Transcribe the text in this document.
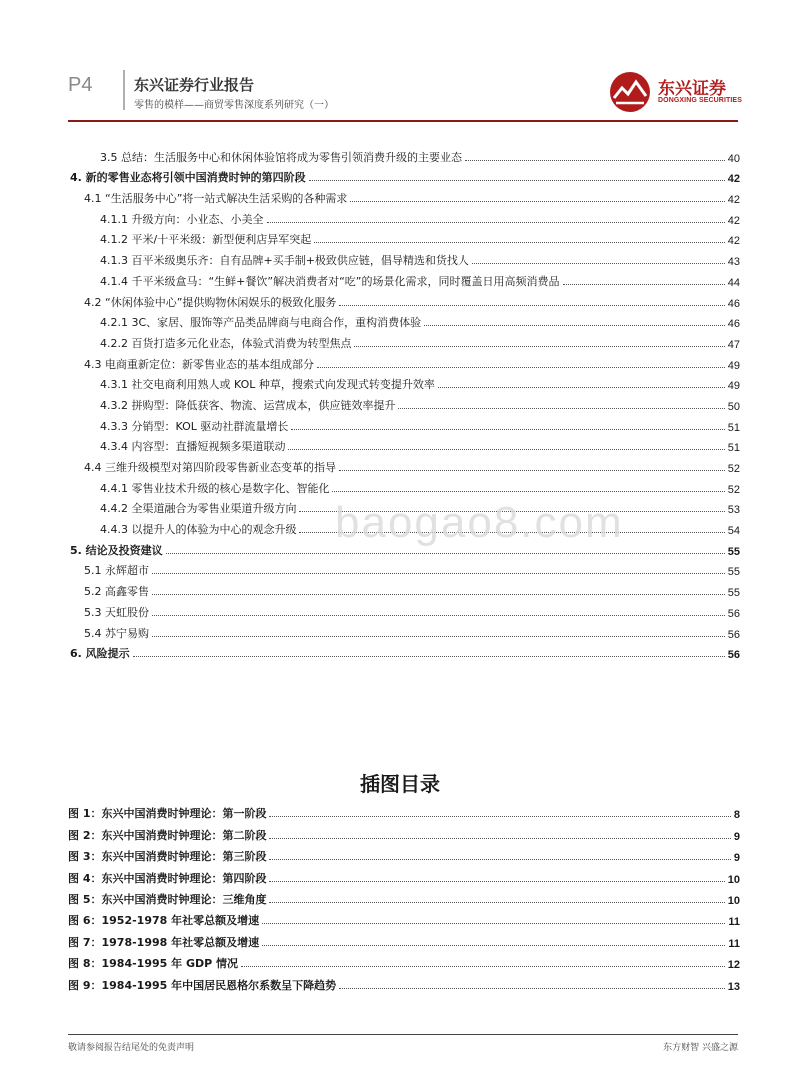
P4	东兴证券行业报告
零售的模样——商贸零售深度系列研究（一）
东兴证券
DONGXING SECURITIES
3.5 总结：生活服务中心和休闲体验馆将成为零售引领消费升级的主要业态	40
4. 新的零售业态将引领中国消费时钟的第四阶段	42
4.1 “生活服务中心”将一站式解决生活采购的各种需求	42
4.1.1 升级方向：小业态、小美全	42
4.1.2 平米/十平米级：新型便利店异军突起	42
4.1.3 百平米级奥乐齐：自有品牌+买手制+极致供应链，倡导精选和货找人	43
4.1.4 千平米级盒马：“生鲜+餐饮”解决消费者对“吃”的场景化需求，同时覆盖日用高频消费品	44
4.2 “休闲体验中心”提供购物休闲娱乐的极致化服务	46
4.2.1 3C、家居、服饰等产品类品牌商与电商合作，重构消费体验	46
4.2.2 百货打造多元化业态，体验式消费为转型焦点	47
4.3 电商重新定位：新零售业态的基本组成部分	49
4.3.1 社交电商利用熟人或 KOL 种草，搜索式向发现式转变提升效率	49
4.3.2 拼购型：降低获客、物流、运营成本，供应链效率提升	50
4.3.3 分销型：KOL 驱动社群流量增长	51
4.3.4 内容型：直播短视频多渠道联动	51
4.4 三维升级模型对第四阶段零售新业态变革的指导	52
4.4.1 零售业技术升级的核心是数字化、智能化	52
4.4.2 全渠道融合为零售业渠道升级方向	53
4.4.3 以提升人的体验为中心的观念升级	54
5. 结论及投资建议	55
5.1 永辉超市	55
5.2 高鑫零售	55
5.3 天虹股份	56
5.4 苏宁易购	56
6. 风险提示	56
baogao8.com
插图目录
图 1：东兴中国消费时钟理论：第一阶段	8
图 2：东兴中国消费时钟理论：第二阶段	9
图 3：东兴中国消费时钟理论：第三阶段	9
图 4：东兴中国消费时钟理论：第四阶段	10
图 5：东兴中国消费时钟理论：三维角度	10
图 6：1952-1978 年社零总额及增速	11
图 7：1978-1998 年社零总额及增速	11
图 8：1984-1995 年 GDP 情况	12
图 9：1984-1995 年中国居民恩格尔系数呈下降趋势	13
敬请参阅报告结尾处的免责声明	东方财智 兴盛之源
